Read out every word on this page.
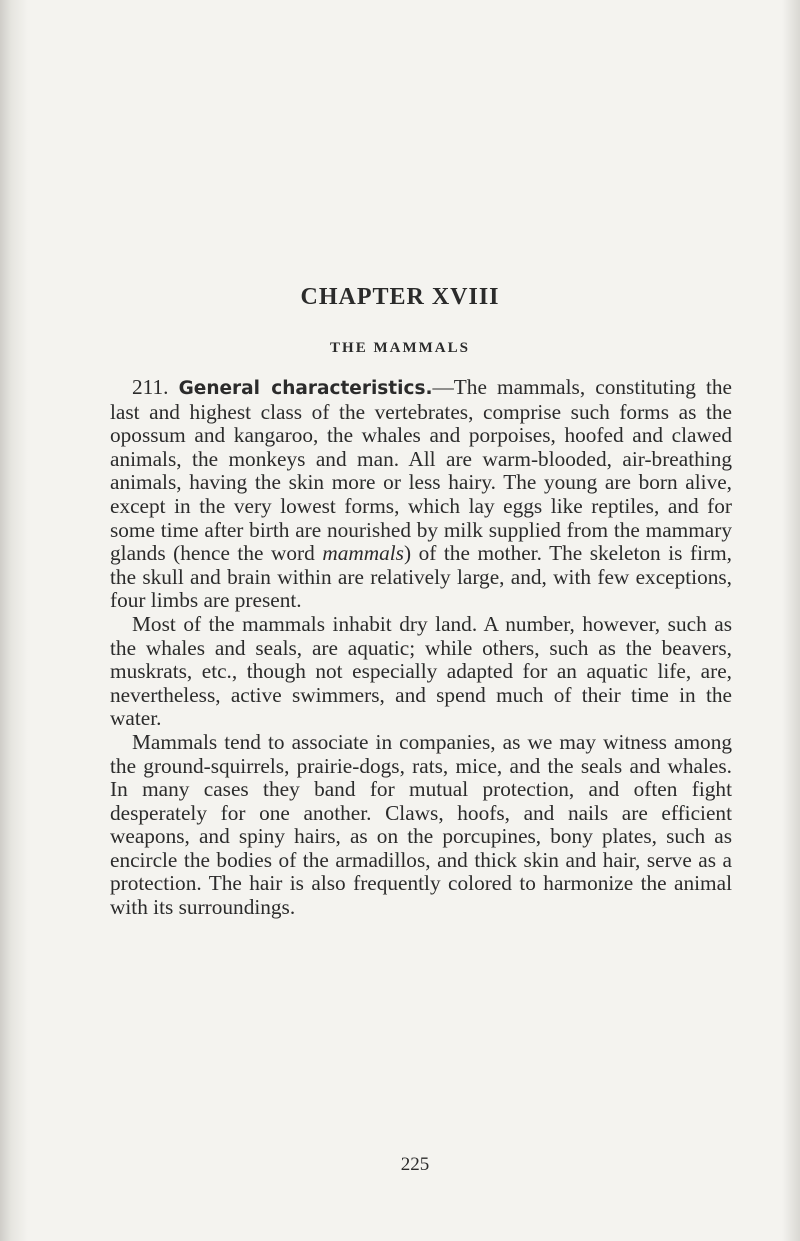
CHAPTER XVIII
THE MAMMALS

211. General characteristics.—The mammals, constituting the last and highest class of the vertebrates, comprise such forms as the opossum and kangaroo, the whales and porpoises, hoofed and clawed animals, the monkeys and man. All are warm-blooded, air-breathing animals, having the skin more or less hairy. The young are born alive, except in the very lowest forms, which lay eggs like reptiles, and for some time after birth are nourished by milk supplied from the mammary glands (hence the word mammals) of the mother. The skeleton is firm, the skull and brain within are relatively large, and, with few exceptions, four limbs are present.

Most of the mammals inhabit dry land. A number, however, such as the whales and seals, are aquatic; while others, such as the beavers, muskrats, etc., though not especially adapted for an aquatic life, are, nevertheless, active swimmers, and spend much of their time in the water.

Mammals tend to associate in companies, as we may witness among the ground-squirrels, prairie-dogs, rats, mice, and the seals and whales. In many cases they band for mutual protection, and often fight desperately for one another. Claws, hoofs, and nails are efficient weapons, and spiny hairs, as on the porcupines, bony plates, such as encircle the bodies of the armadillos, and thick skin and hair, serve as a protection. The hair is also frequently colored to harmonize the animal with its surroundings.

225
